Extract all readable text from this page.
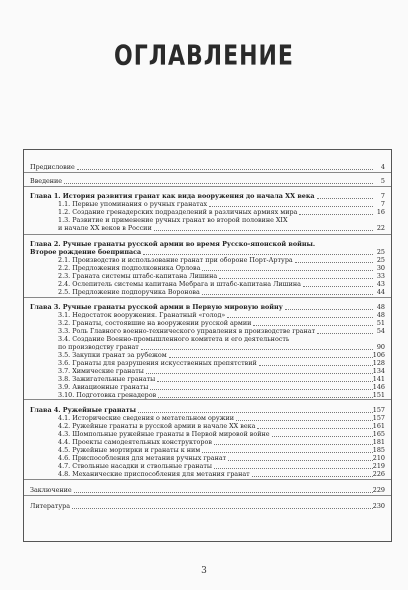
ОГЛАВЛЕНИЕ
Предисловие	4
Введение	5
Глава 1. История развития гранат как вида вооружения до начала XX века	7
1.1. Первые упоминания о ручных гранатах	7
1.2. Создание гренадерских подразделений в различных армиях мира	16
1.3. Развитие и применение ручных гранат во второй половине XIX
и начале XX веков в России	22
Глава 2. Ручные гранаты русской армии во время Русско-японской войны.
Второе рождение боеприпаса	25
2.1. Производство и использование гранат при обороне Порт-Артура	25
2.2. Предложения подполковника Орлова	30
2.3. Граната системы штабс-капитана Лишина	33
2.4. Ослепитель системы капитана Мебрага и штабс-капитана Лишина	43
2.5. Предложение подпоручика Воронова	44
Глава 3. Ручные гранаты русской армии в Первую мировую войну	48
3.1. Недостаток вооружения. Гранатный «голод»	48
3.2. Гранаты, состоявшие на вооружении русской армии	51
3.3. Роль Главного военно-технического управления в производстве гранат	54
3.4. Создание Военно-промышленного комитета и его деятельность
по производству гранат	90
3.5. Закупки гранат за рубежом	106
3.6. Гранаты для разрушения искусственных препятствий	128
3.7. Химические гранаты	134
3.8. Зажигательные гранаты	141
3.9. Авиационные гранаты	146
3.10. Подготовка гренадеров	151
Глава 4. Ружейные гранаты	157
4.1. Исторические сведения о метательном оружии	157
4.2. Ружейные гранаты в русской армии в начале XX века	161
4.3. Шомпольные ружейные гранаты в Первой мировой войне	165
4.4. Проекты самодеятельных конструкторов	181
4.5. Ружейные мортирки и гранаты к ним	185
4.6. Приспособления для метания ручных гранат	210
4.7. Ствольные насадки и ствольные гранаты	219
4.8. Механические приспособления для метания гранат	226
Заключение	229
Литература	230
3
